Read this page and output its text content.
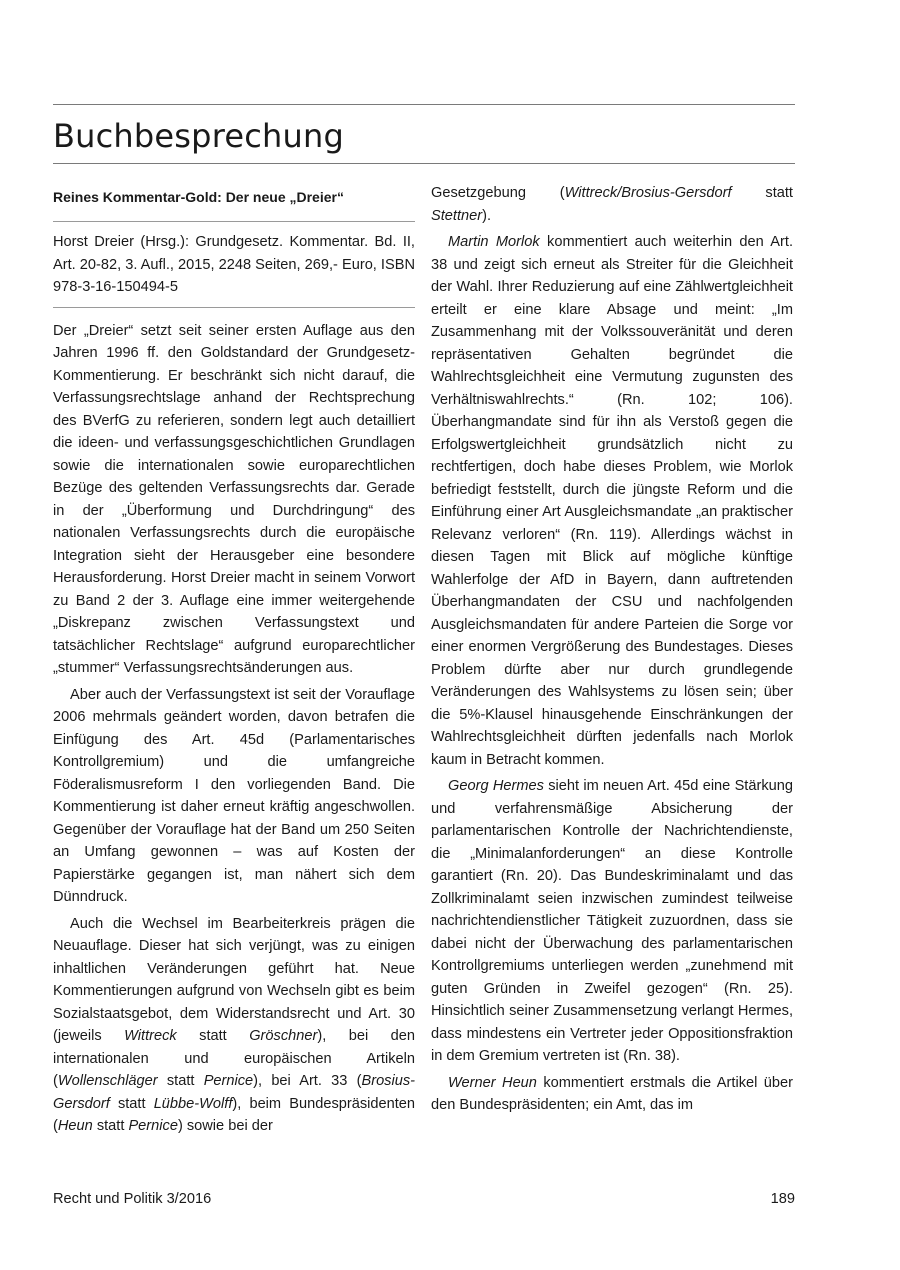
Buchbesprechung
Reines Kommentar-Gold: Der neue „Dreier“

Horst Dreier (Hrsg.): Grundgesetz. Kommentar. Bd. II, Art. 20-82, 3. Aufl., 2015, 2248 Seiten, 269,- Euro, ISBN 978-3-16-150494-5

Der „Dreier“ setzt seit seiner ersten Auflage aus den Jahren 1996 ff. den Goldstandard der Grundgesetz-Kommentierung. Er beschränkt sich nicht darauf, die Verfassungsrechtslage anhand der Rechtsprechung des BVerfG zu referieren, sondern legt auch detailliert die ideen- und verfassungsgeschichtlichen Grundlagen sowie die internationalen sowie europarechtlichen Bezüge des geltenden Verfassungsrechts dar. Gerade in der „Überformung und Durchdringung“ des nationalen Verfassungsrechts durch die europäische Integration sieht der Herausgeber eine besondere Herausforderung. Horst Dreier macht in seinem Vorwort zu Band 2 der 3. Auflage eine immer weitergehende „Diskrepanz zwischen Verfassungstext und tatsächlicher Rechtslage“ aufgrund europarechtlicher „stummer“ Verfassungsrechtsänderungen aus.

Aber auch der Verfassungstext ist seit der Vorauflage 2006 mehrmals geändert worden, davon betrafen die Einfügung des Art. 45d (Parlamentarisches Kontrollgremium) und die umfangreiche Föderalismusreform I den vorliegenden Band. Die Kommentierung ist daher erneut kräftig angeschwollen. Gegenüber der Vorauflage hat der Band um 250 Seiten an Umfang gewonnen – was auf Kosten der Papierstärke gegangen ist, man nähert sich dem Dünndruck.

Auch die Wechsel im Bearbeiterkreis prägen die Neuauflage. Dieser hat sich verjüngt, was zu einigen inhaltlichen Veränderungen geführt hat. Neue Kommentierungen aufgrund von Wechseln gibt es beim Sozialstaatsgebot, dem Widerstandsrecht und Art. 30 (jeweils Wittreck statt Gröschner), bei den internationalen und europäischen Artikeln (Wollenschläger statt Pernice), bei Art. 33 (Brosius-Gersdorf statt Lübbe-Wolff), beim Bundespräsidenten (Heun statt Pernice) sowie bei der

Gesetzgebung (Wittreck/Brosius-Gersdorf statt Stettner).

Martin Morlok kommentiert auch weiterhin den Art. 38 und zeigt sich erneut als Streiter für die Gleichheit der Wahl. Ihrer Reduzierung auf eine Zählwertgleichheit erteilt er eine klare Absage und meint: „Im Zusammenhang mit der Volkssouveränität und deren repräsentativen Gehalten begründet die Wahlrechtsgleichheit eine Vermutung zugunsten des Verhältniswahlrechts.“ (Rn. 102; 106). Überhangmandate sind für ihn als Verstoß gegen die Erfolgswertgleichheit grundsätzlich nicht zu rechtfertigen, doch habe dieses Problem, wie Morlok befriedigt feststellt, durch die jüngste Reform und die Einführung einer Art Ausgleichsmandate „an praktischer Relevanz verloren“ (Rn. 119). Allerdings wächst in diesen Tagen mit Blick auf mögliche künftige Wahlerfolge der AfD in Bayern, dann auftretenden Überhangmandaten der CSU und nachfolgenden Ausgleichsmandaten für andere Parteien die Sorge vor einer enormen Vergrößerung des Bundestages. Dieses Problem dürfte aber nur durch grundlegende Veränderungen des Wahlsystems zu lösen sein; über die 5%-Klausel hinausgehende Einschränkungen der Wahlrechtsgleichheit dürften jedenfalls nach Morlok kaum in Betracht kommen.

Georg Hermes sieht im neuen Art. 45d eine Stärkung und verfahrensmäßige Absicherung der parlamentarischen Kontrolle der Nachrichtendienste, die „Minimalanforderungen“ an diese Kontrolle garantiert (Rn. 20). Das Bundeskriminalamt und das Zollkriminalamt seien inzwischen zumindest teilweise nachrichtendienstlicher Tätigkeit zuzuordnen, dass sie dabei nicht der Überwachung des parlamentarischen Kontrollgremiums unterliegen werden „zunehmend mit guten Gründen in Zweifel gezogen“ (Rn. 25). Hinsichtlich seiner Zusammensetzung verlangt Hermes, dass mindestens ein Vertreter jeder Oppositionsfraktion in dem Gremium vertreten ist (Rn. 38).

Werner Heun kommentiert erstmals die Artikel über den Bundespräsidenten; ein Amt, das im

Recht und Politik 3/2016	189
